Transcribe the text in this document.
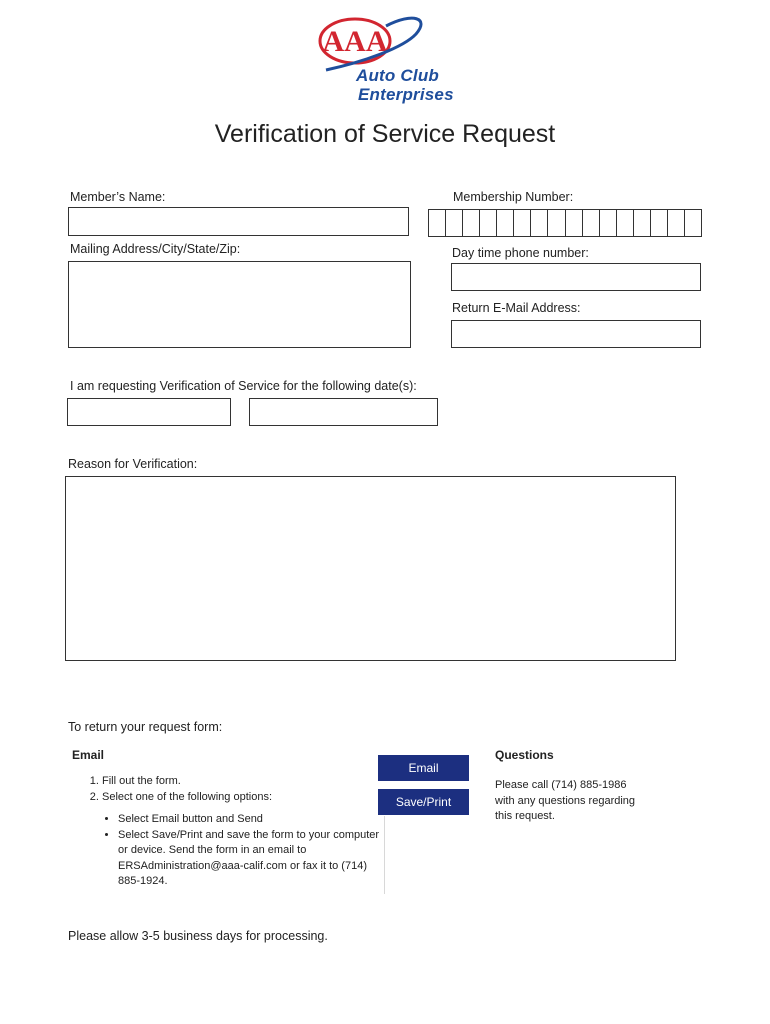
AAA
Auto Club
Enterprises
Verification of Service Request
Member’s Name:	Membership Number:
Mailing Address/City/State/Zip:	Day time phone number:
Return E-Mail Address:
I am requesting Verification of Service for the following date(s):
Reason for Verification:
To return your request form:
Email
1. Fill out the form.
2. Select one of the following options:
• Select Email button and Send
• Select Save/Print and save the form to your computer or device. Send the form in an email to ERSAdministration@aaa-calif.com or fax it to (714) 885-1924.
Email
Save/Print
Questions
Please call (714) 885-1986 with any questions regarding this request.
Please allow 3-5 business days for processing.
